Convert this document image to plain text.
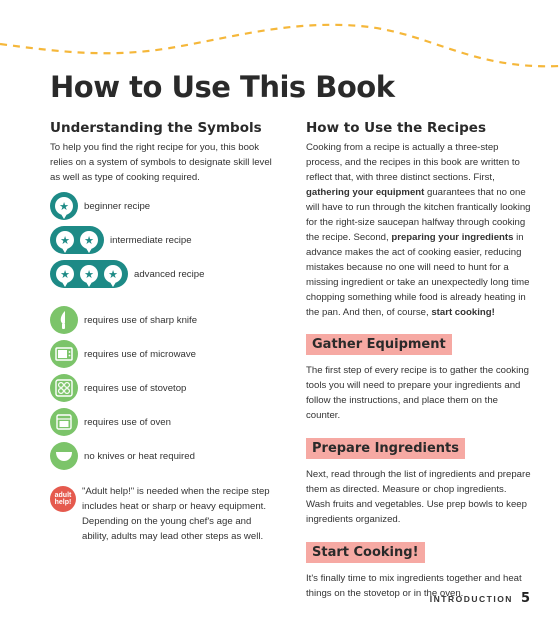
How to Use This Book
Understanding the Symbols

To help you find the right recipe for you, this book relies on a system of symbols to designate skill level as well as type of cooking required.

★	beginner recipe
★	★	intermediate recipe
★	★	★	advanced recipe
requires use of sharp knife
requires use of microwave
requires use of stovetop
requires use of oven
no knives or heat required
adult
help!

"Adult help!" is needed when the recipe step includes heat or sharp or heavy equipment. Depending on the young chef's age and ability, adults may lead other steps as well.

How to Use the Recipes

Cooking from a recipe is actually a three-step process, and the recipes in this book are written to reflect that, with three distinct sections. First, gathering your equipment guarantees that no one will have to run through the kitchen frantically looking for the right-size saucepan halfway through cooking the recipe. Second, preparing your ingredients in advance makes the act of cooking easier, reducing mistakes because no one will need to hunt for a missing ingredient or take an unexpectedly long time chopping something while food is already heating in the pan. And then, of course, start cooking!

Gather Equipment

The first step of every recipe is to gather the cooking tools you will need to prepare your ingredients and follow the instructions, and place them on the counter.

Prepare Ingredients

Next, read through the list of ingredients and prepare them as directed. Measure or chop ingredients. Wash fruits and vegetables. Use prep bowls to keep ingredients organized.

Start Cooking!

It's finally time to mix ingredients together and heat things on the stovetop or in the oven.

INTRODUCTION 5
